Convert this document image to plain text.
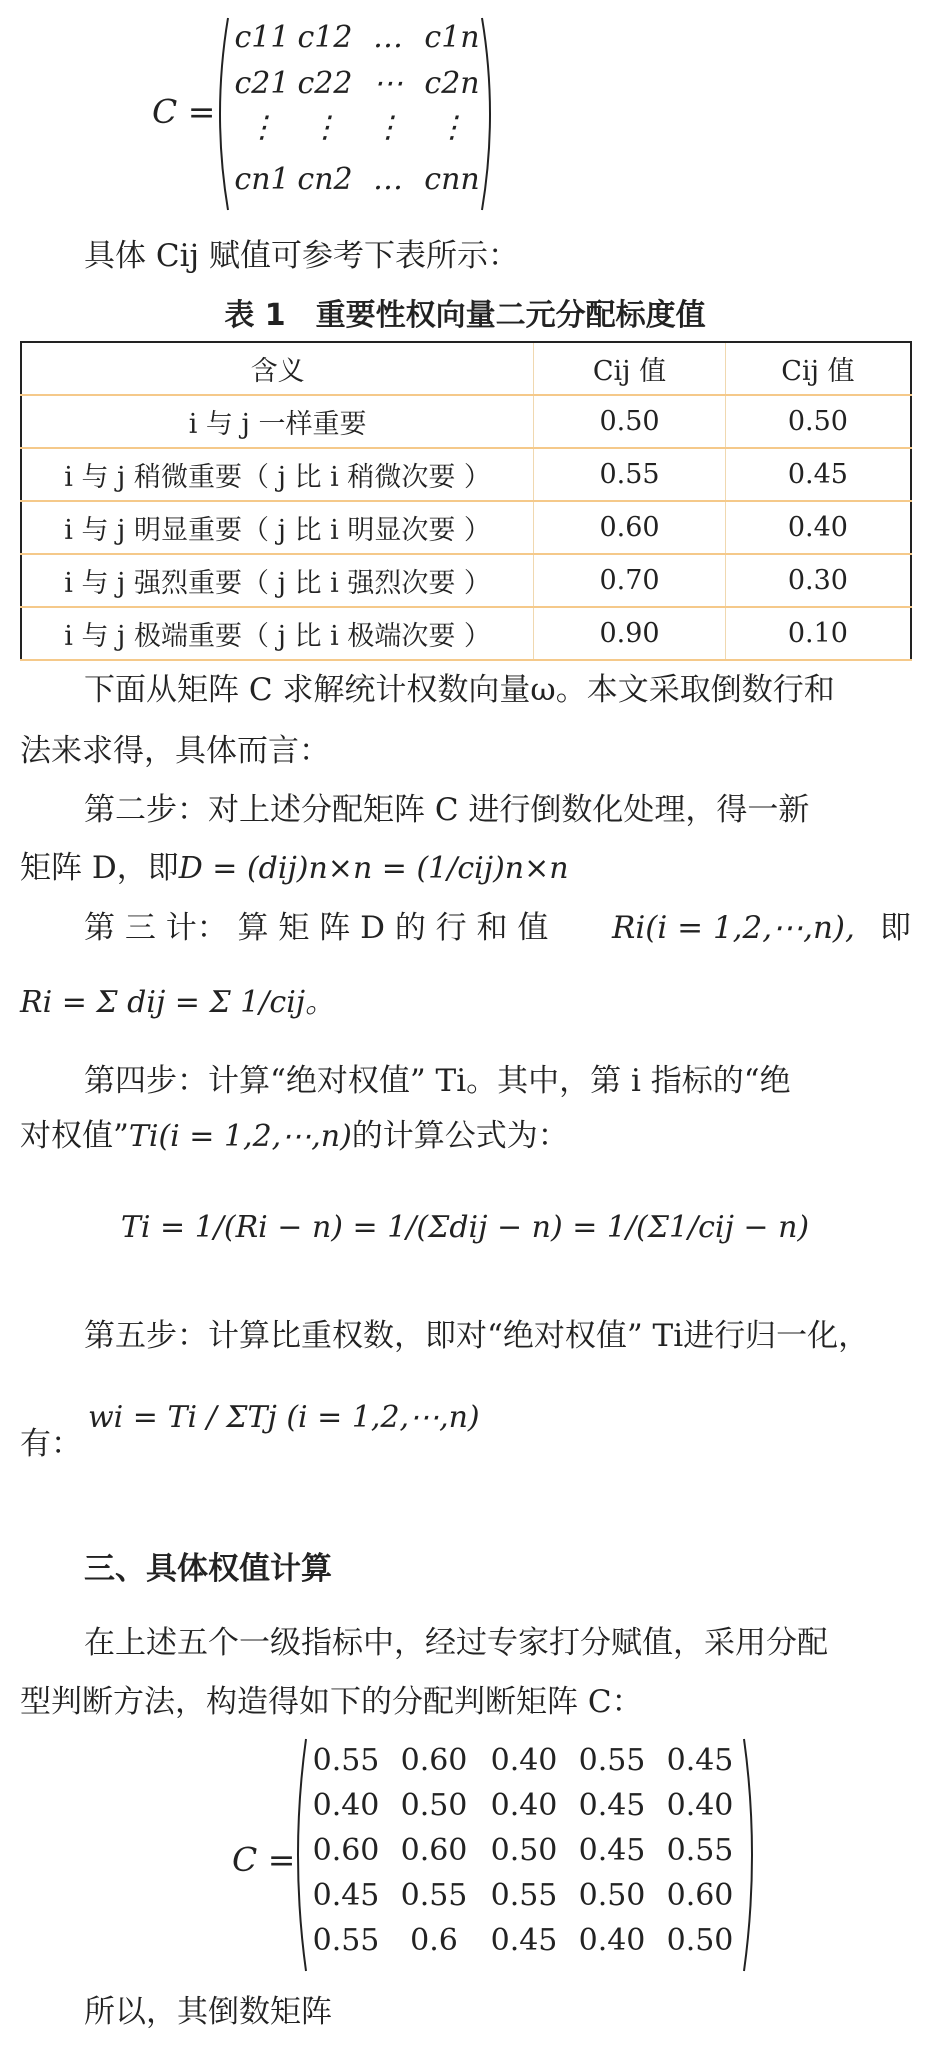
C =
c11 c12 … c1n
c21 c22 ⋯ c2n
⋮ ⋮ ⋮ ⋮
cn1 cn2 … cnn
具体 Cij 赋值可参考下表所示：
表 1　重要性权向量二元分配标度值
含义	Cij 值	Cij 值
i 与 j 一样重要	0.50	0.50
i 与 j 稍微重要（ j 比 i 稍微次要 ）	0.55	0.45
i 与 j 明显重要（ j 比 i 明显次要 ）	0.60	0.40
i 与 j 强烈重要（ j 比 i 强烈次要 ）	0.70	0.30
i 与 j 极端重要（ j 比 i 极端次要 ）	0.90	0.10
下面从矩阵 C 求解统计权数向量ω。本文采取倒数行和
法来求得，具体而言：
第二步：对上述分配矩阵 C 进行倒数化处理，得一新
矩阵 D，即D = (dij)n×n = (1/cij)n×n
第 三 计： 算 矩 阵 D 的 行 和 值 Ri(i = 1,2,⋯,n), 即
Ri = Σ dij = Σ 1/cij。
第四步：计算“绝对权值” Ti。其中，第 i 指标的“绝
对权值”Ti(i = 1,2,⋯,n)的计算公式为：
Ti = 1/(Ri − n) = 1/(Σdij − n) = 1/(Σ1/cij − n)
第五步：计算比重权数，即对“绝对权值” Ti进行归一化，
有：
wi = Ti / ΣTj (i = 1,2,⋯,n)
三、具体权值计算
在上述五个一级指标中，经过专家打分赋值，采用分配
型判断方法，构造得如下的分配判断矩阵 C：
C =
0.55 0.60 0.40 0.55 0.45
0.40 0.50 0.40 0.45 0.40
0.60 0.60 0.50 0.45 0.55
0.45 0.55 0.55 0.50 0.60
0.55 0.6 0.45 0.40 0.50
所以，其倒数矩阵
